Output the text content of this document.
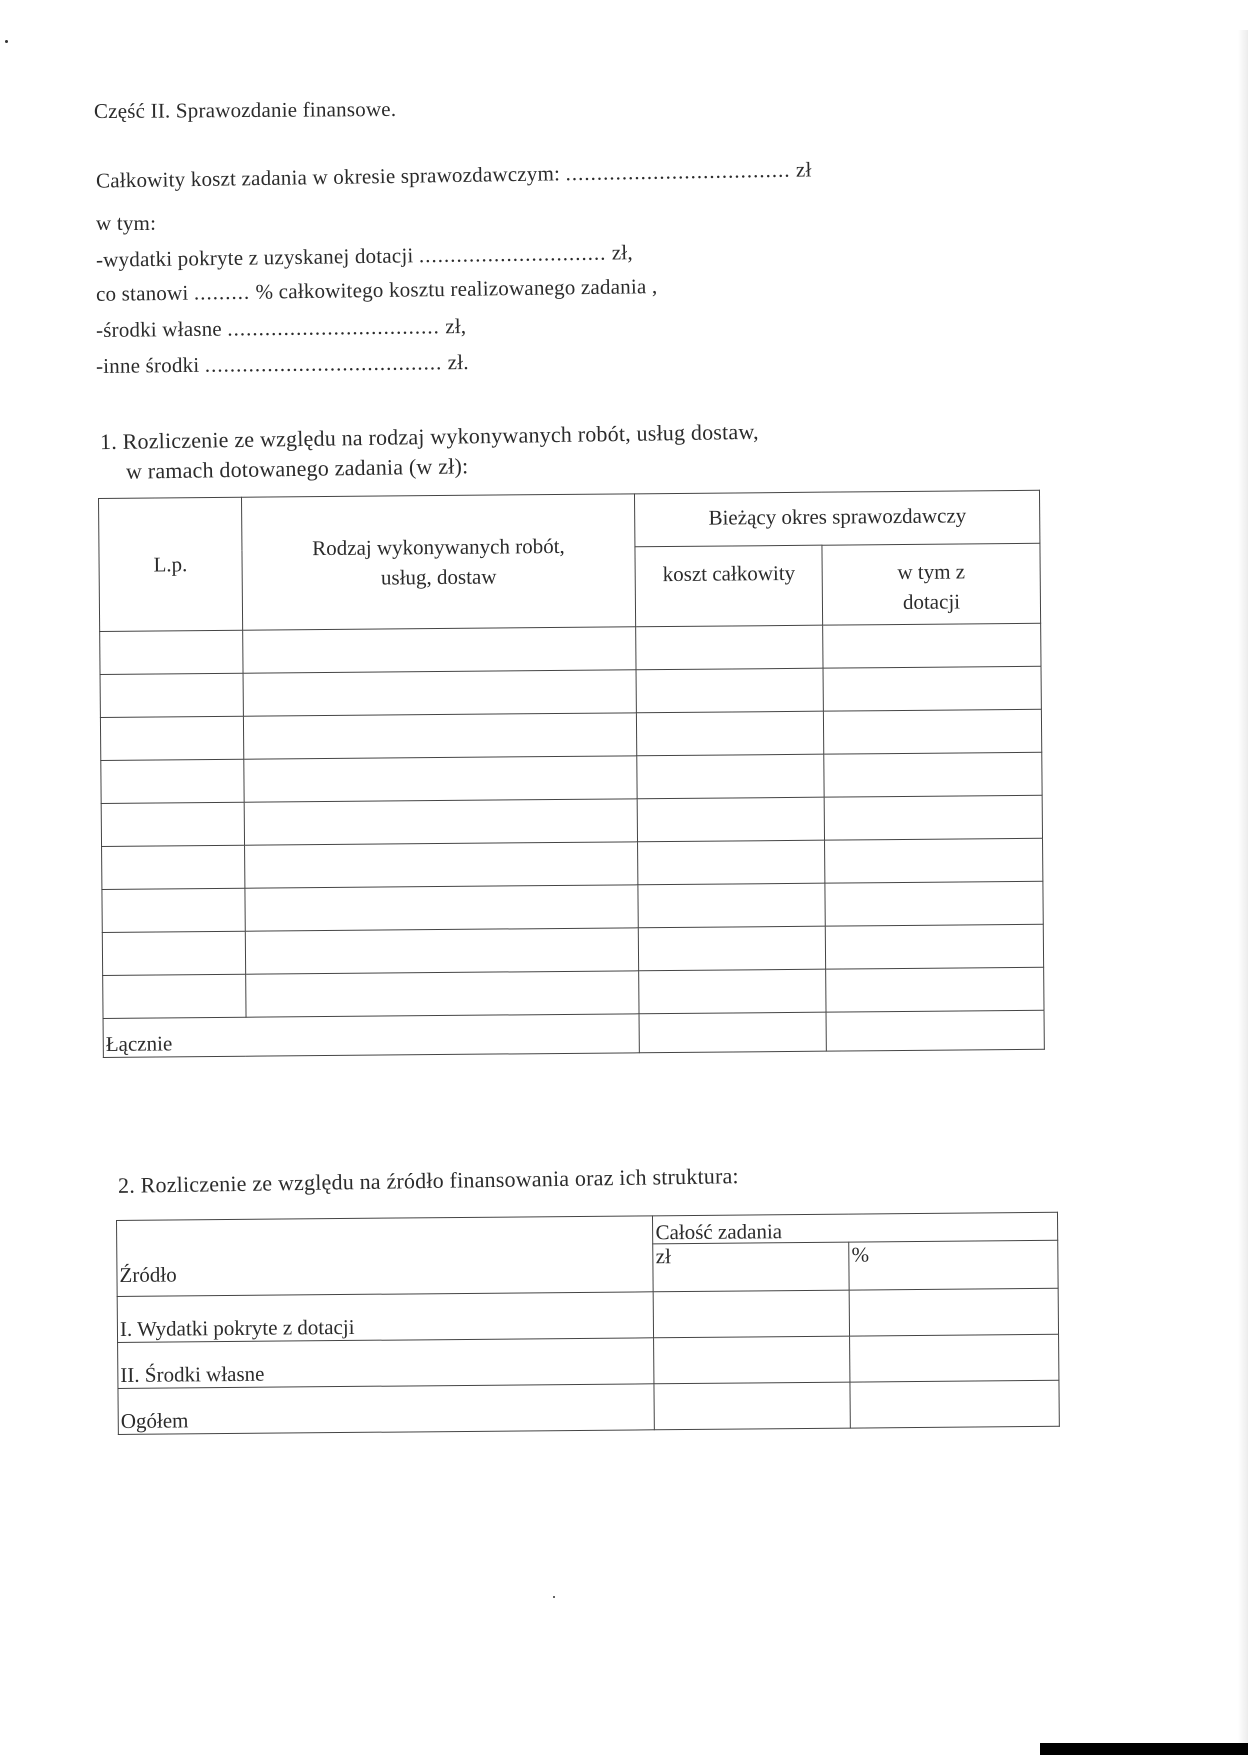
Część II. Sprawozdanie finansowe.
Całkowity koszt zadania w okresie sprawozdawczym: .................................... zł
w tym:
-wydatki pokryte z uzyskanej dotacji .............................. zł,
co stanowi ......... % całkowitego kosztu realizowanego zadania ,
-środki własne .................................. zł,
-inne środki ...................................... zł.
1. Rozliczenie ze względu na rodzaj wykonywanych robót, usług dostaw,
w ramach dotowanego zadania (w zł):
L.p.	Rodzaj wykonywanych robót, usług, dostaw	Bieżący okres sprawozdawczy	

		koszt całkowity	w tym z dotacji

Łącznie			
2. Rozliczenie ze względu na źródło finansowania oraz ich struktura:
Źródło	Całość zadania	
	zł	%
I. Wydatki pokryte z dotacji		
II. Środki własne		
Ogółem		
